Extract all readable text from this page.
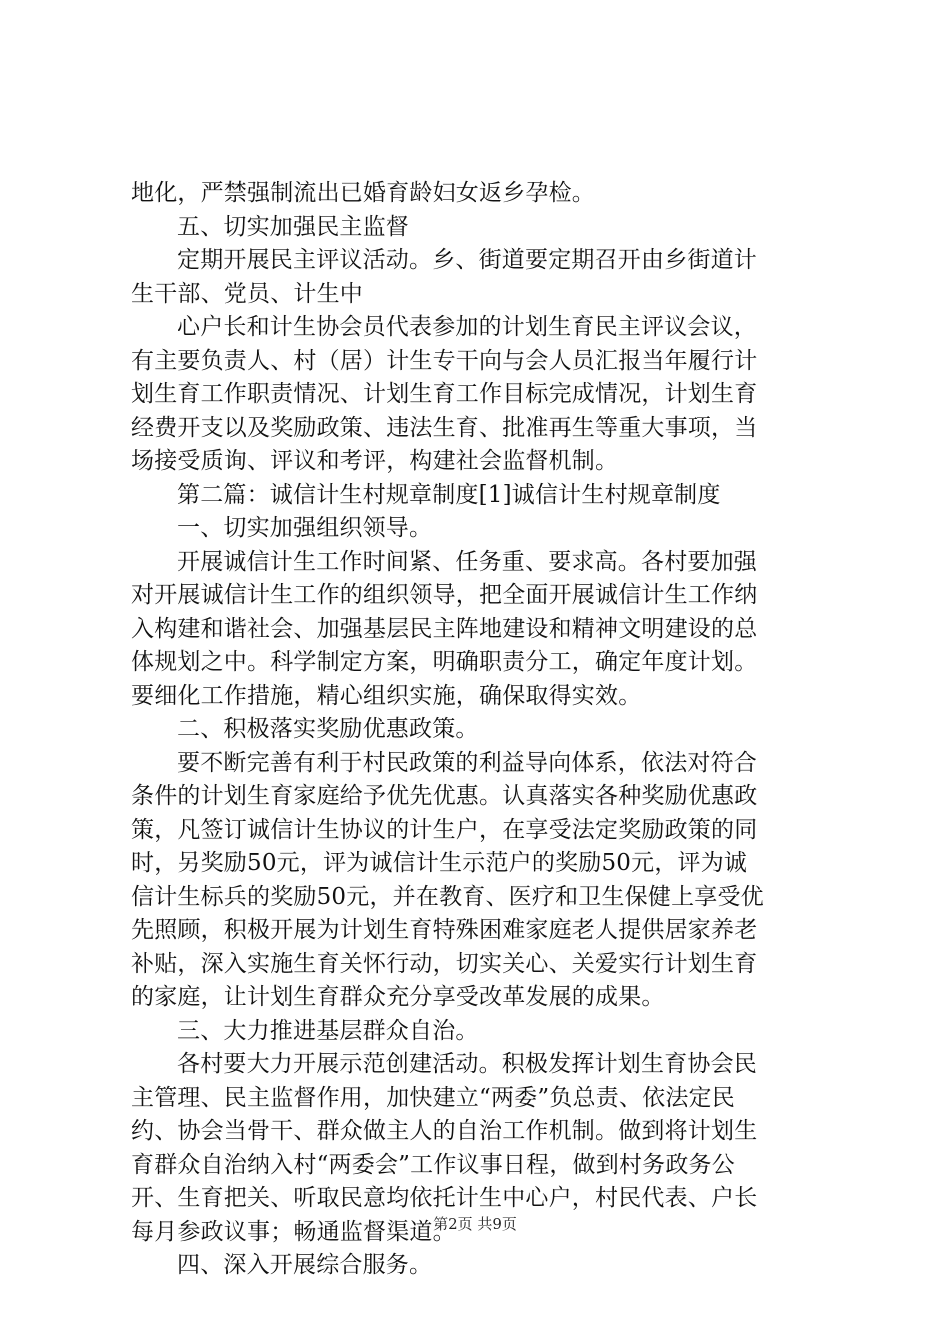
地化，严禁强制流出已婚育龄妇女返乡孕检。
五、切实加强民主监督
定期开展民主评议活动。乡、街道要定期召开由乡街道计
生干部、党员、计生中
心户长和计生协会员代表参加的计划生育民主评议会议，
有主要负责人、村（居）计生专干向与会人员汇报当年履行计
划生育工作职责情况、计划生育工作目标完成情况，计划生育
经费开支以及奖励政策、违法生育、批准再生等重大事项，当
场接受质询、评议和考评，构建社会监督机制。
第二篇：诚信计生村规章制度[1]诚信计生村规章制度
一、切实加强组织领导。
开展诚信计生工作时间紧、任务重、要求高。各村要加强
对开展诚信计生工作的组织领导，把全面开展诚信计生工作纳
入构建和谐社会、加强基层民主阵地建设和精神文明建设的总
体规划之中。科学制定方案，明确职责分工，确定年度计划。
要细化工作措施，精心组织实施，确保取得实效。
二、积极落实奖励优惠政策。
要不断完善有利于村民政策的利益导向体系，依法对符合
条件的计划生育家庭给予优先优惠。认真落实各种奖励优惠政
策，凡签订诚信计生协议的计生户，在享受法定奖励政策的同
时，另奖励50元，评为诚信计生示范户的奖励50元，评为诚
信计生标兵的奖励50元，并在教育、医疗和卫生保健上享受优
先照顾，积极开展为计划生育特殊困难家庭老人提供居家养老
补贴，深入实施生育关怀行动，切实关心、关爱实行计划生育
的家庭，让计划生育群众充分享受改革发展的成果。
三、大力推进基层群众自治。
各村要大力开展示范创建活动。积极发挥计划生育协会民
主管理、民主监督作用，加快建立“两委”负总责、依法定民
约、协会当骨干、群众做主人的自治工作机制。做到将计划生
育群众自治纳入村“两委会”工作议事日程，做到村务政务公
开、生育把关、听取民意均依托计生中心户，村民代表、户长
每月参政议事；畅通监督渠道。
四、深入开展综合服务。
第2页 共9页
